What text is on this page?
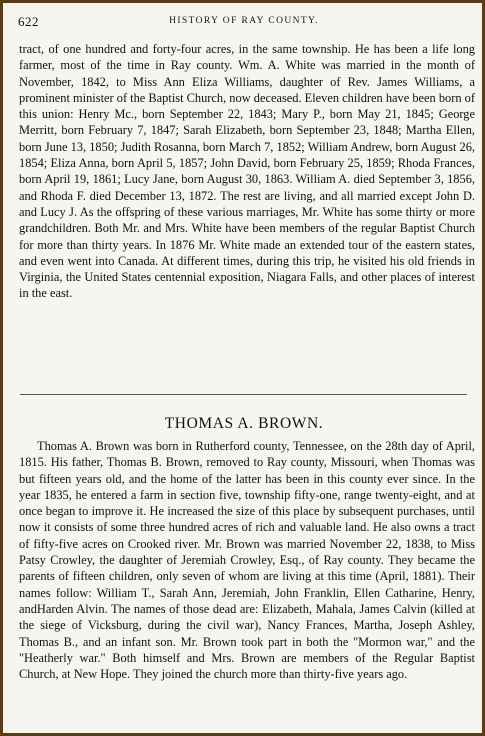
622	HISTORY OF RAY COUNTY.
tract, of one hundred and forty-four acres, in the same township. He has been a life long farmer, most of the time in Ray county. Wm. A. White was married in the month of November, 1842, to Miss Ann Eliza Williams, daughter of Rev. James Williams, a prominent minister of the Baptist Church, now deceased. Eleven children have been born of this union: Henry Mc., born September 22, 1843; Mary P., born May 21, 1845; George Merritt, born February 7, 1847; Sarah Elizabeth, born September 23, 1848; Martha Ellen, born June 13, 1850; Judith Rosanna, born March 7, 1852; William Andrew, born August 26, 1854; Eliza Anna, born April 5, 1857; John David, born February 25, 1859; Rhoda Frances, born April 19, 1861; Lucy Jane, born August 30, 1863. William A. died September 3, 1856, and Rhoda F. died December 13, 1872. The rest are living, and all married except John D. and Lucy J. As the offspring of these various marriages, Mr. White has some thirty or more grandchildren. Both Mr. and Mrs. White have been members of the regular Baptist Church for more than thirty years. In 1876 Mr. White made an extended tour of the eastern states, and even went into Canada. At different times, during this trip, he visited his old friends in Virginia, the United States centennial exposition, Niagara Falls, and other places of interest in the east.
THOMAS A. BROWN.
Thomas A. Brown was born in Rutherford county, Tennessee, on the 28th day of April, 1815. His father, Thomas B. Brown, removed to Ray county, Missouri, when Thomas was but fifteen years old, and the home of the latter has been in this county ever since. In the year 1835, he entered a farm in section five, township fifty-one, range twenty-eight, and at once began to improve it. He increased the size of this place by subsequent purchases, until now it consists of some three hundred acres of rich and valuable land. He also owns a tract of fifty-five acres on Crooked river. Mr. Brown was married November 22, 1838, to Miss Patsy Crowley, the daughter of Jeremiah Crowley, Esq., of Ray county. They became the parents of fifteen children, only seven of whom are living at this time (April, 1881). Their names follow: William T., Sarah Ann, Jeremiah, John Franklin, Ellen Catharine, Henry, andHarden Alvin. The names of those dead are: Elizabeth, Mahala, James Calvin (killed at the siege of Vicksburg, during the civil war), Nancy Frances, Martha, Joseph Ashley, Thomas B., and an infant son. Mr. Brown took part in both the "Mormon war," and the "Heatherly war." Both himself and Mrs. Brown are members of the Regular Baptist Church, at New Hope. They joined the church more than thirty-five years ago.
